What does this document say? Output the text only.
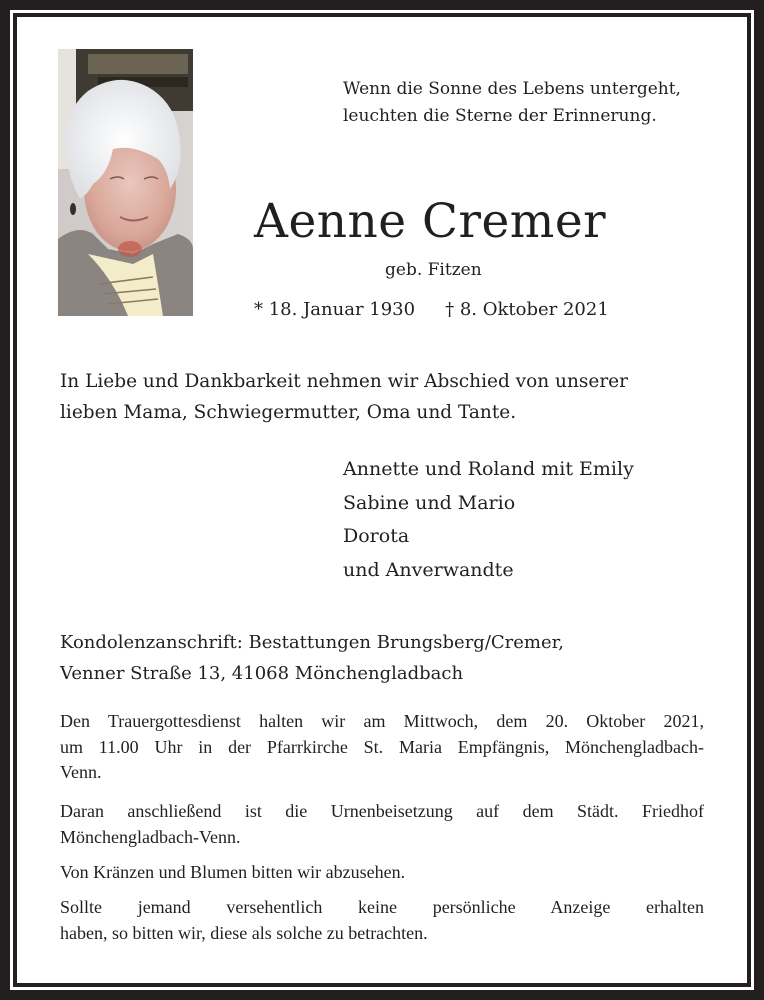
Wenn die Sonne des Lebens untergeht,
leuchten die Sterne der Erinnerung.
Aenne Cremer
geb. Fitzen
* 18. Januar 1930 † 8. Oktober 2021
In Liebe und Dankbarkeit nehmen wir Abschied von unserer
lieben Mama, Schwiegermutter, Oma und Tante.
Annette und Roland mit Emily
Sabine und Mario
Dorota
und Anverwandte
Kondolenzanschrift: Bestattungen Brungsberg/Cremer,
Venner Straße 13, 41068 Mönchengladbach
Den Trauergottesdienst halten wir am Mittwoch, dem 20. Oktober 2021,
um 11.00 Uhr in der Pfarrkirche St. Maria Empfängnis, Mönchengladbach-
Venn.
Daran anschließend ist die Urnenbeisetzung auf dem Städt. Friedhof
Mönchengladbach-Venn.
Von Kränzen und Blumen bitten wir abzusehen.
Sollte jemand versehentlich keine persönliche Anzeige erhalten
haben, so bitten wir, diese als solche zu betrachten.
